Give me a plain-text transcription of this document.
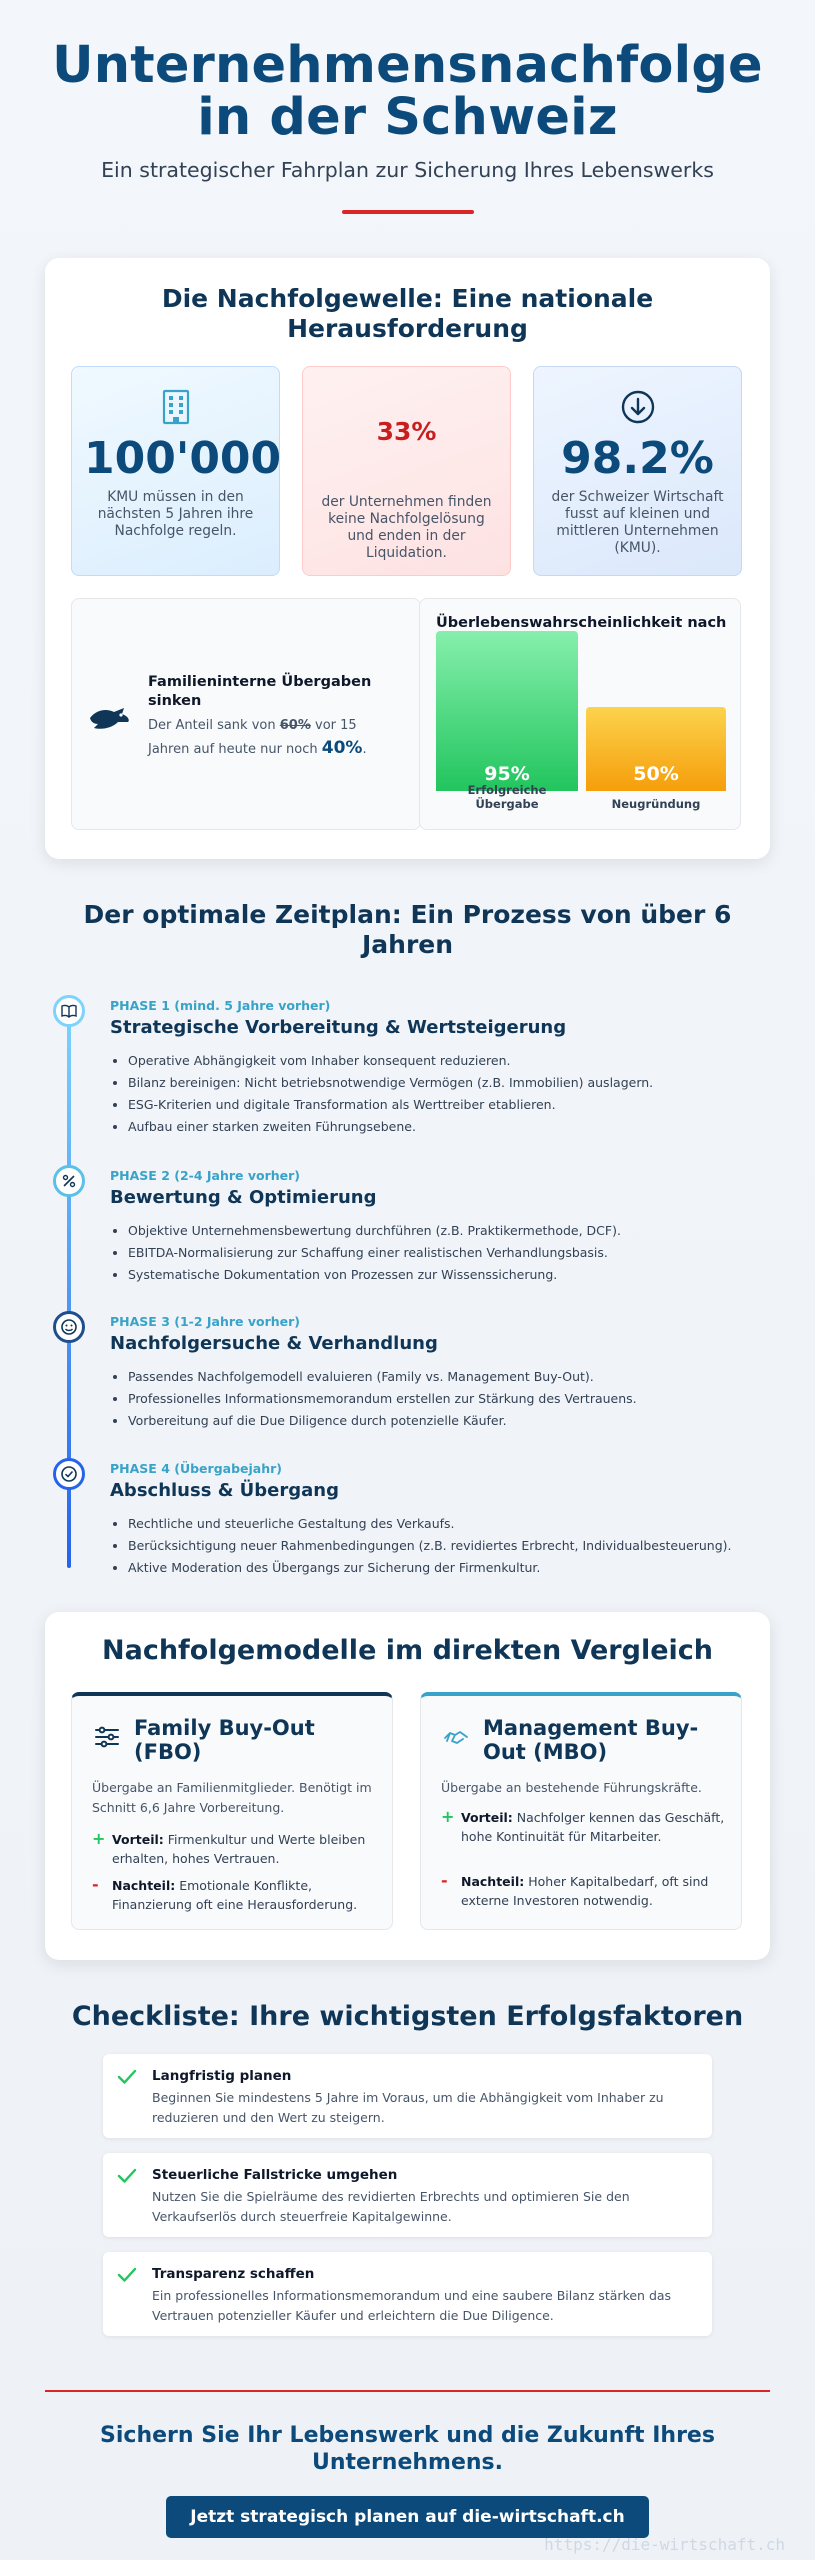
Unternehmensnachfolge in der Schweiz
Ein strategischer Fahrplan zur Sicherung Ihres Lebenswerks
Die Nachfolgewelle: Eine nationale Herausforderung
100'000
KMU müssen in den nächsten 5 Jahren ihre Nachfolge regeln.
33%
der Unternehmen finden keine Nachfolgelösung und enden in der Liquidation.
98.2%
der Schweizer Wirtschaft fusst auf kleinen und mittleren Unternehmen (KMU).
Familieninterne Übergaben sinken
Der Anteil sank von 60% vor 15 Jahren auf heute nur noch 40%.
Überlebenswahrscheinlichkeit nach
95%	50%
Erfolgreiche Übergabe	Neugründung
Der optimale Zeitplan: Ein Prozess von über 6 Jahren
PHASE 1 (mind. 5 Jahre vorher)
Strategische Vorbereitung & Wertsteigerung
• Operative Abhängigkeit vom Inhaber konsequent reduzieren.
• Bilanz bereinigen: Nicht betriebsnotwendige Vermögen (z.B. Immobilien) auslagern.
• ESG-Kriterien und digitale Transformation als Werttreiber etablieren.
• Aufbau einer starken zweiten Führungsebene.
PHASE 2 (2-4 Jahre vorher)
Bewertung & Optimierung
• Objektive Unternehmensbewertung durchführen (z.B. Praktikermethode, DCF).
• EBITDA-Normalisierung zur Schaffung einer realistischen Verhandlungsbasis.
• Systematische Dokumentation von Prozessen zur Wissenssicherung.
PHASE 3 (1-2 Jahre vorher)
Nachfolgersuche & Verhandlung
• Passendes Nachfolgemodell evaluieren (Family vs. Management Buy-Out).
• Professionelles Informationsmemorandum erstellen zur Stärkung des Vertrauens.
• Vorbereitung auf die Due Diligence durch potenzielle Käufer.
PHASE 4 (Übergabejahr)
Abschluss & Übergang
• Rechtliche und steuerliche Gestaltung des Verkaufs.
• Berücksichtigung neuer Rahmenbedingungen (z.B. revidiertes Erbrecht, Individualbesteuerung).
• Aktive Moderation des Übergangs zur Sicherung der Firmenkultur.
Nachfolgemodelle im direkten Vergleich
Family Buy-Out (FBO)
Übergabe an Familienmitglieder. Benötigt im Schnitt 6,6 Jahre Vorbereitung.
+ Vorteil: Firmenkultur und Werte bleiben erhalten, hohes Vertrauen.
- Nachteil: Emotionale Konflikte, Finanzierung oft eine Herausforderung.
Management Buy-Out (MBO)
Übergabe an bestehende Führungskräfte.
+ Vorteil: Nachfolger kennen das Geschäft, hohe Kontinuität für Mitarbeiter.
- Nachteil: Hoher Kapitalbedarf, oft sind externe Investoren notwendig.
Checkliste: Ihre wichtigsten Erfolgsfaktoren
Langfristig planen
Beginnen Sie mindestens 5 Jahre im Voraus, um die Abhängigkeit vom Inhaber zu reduzieren und den Wert zu steigern.
Steuerliche Fallstricke umgehen
Nutzen Sie die Spielräume des revidierten Erbrechts und optimieren Sie den Verkaufserlös durch steuerfreie Kapitalgewinne.
Transparenz schaffen
Ein professionelles Informationsmemorandum und eine saubere Bilanz stärken das Vertrauen potenzieller Käufer und erleichtern die Due Diligence.
Sichern Sie Ihr Lebenswerk und die Zukunft Ihres Unternehmens.
Jetzt strategisch planen auf die-wirtschaft.ch
https://die-wirtschaft.ch
